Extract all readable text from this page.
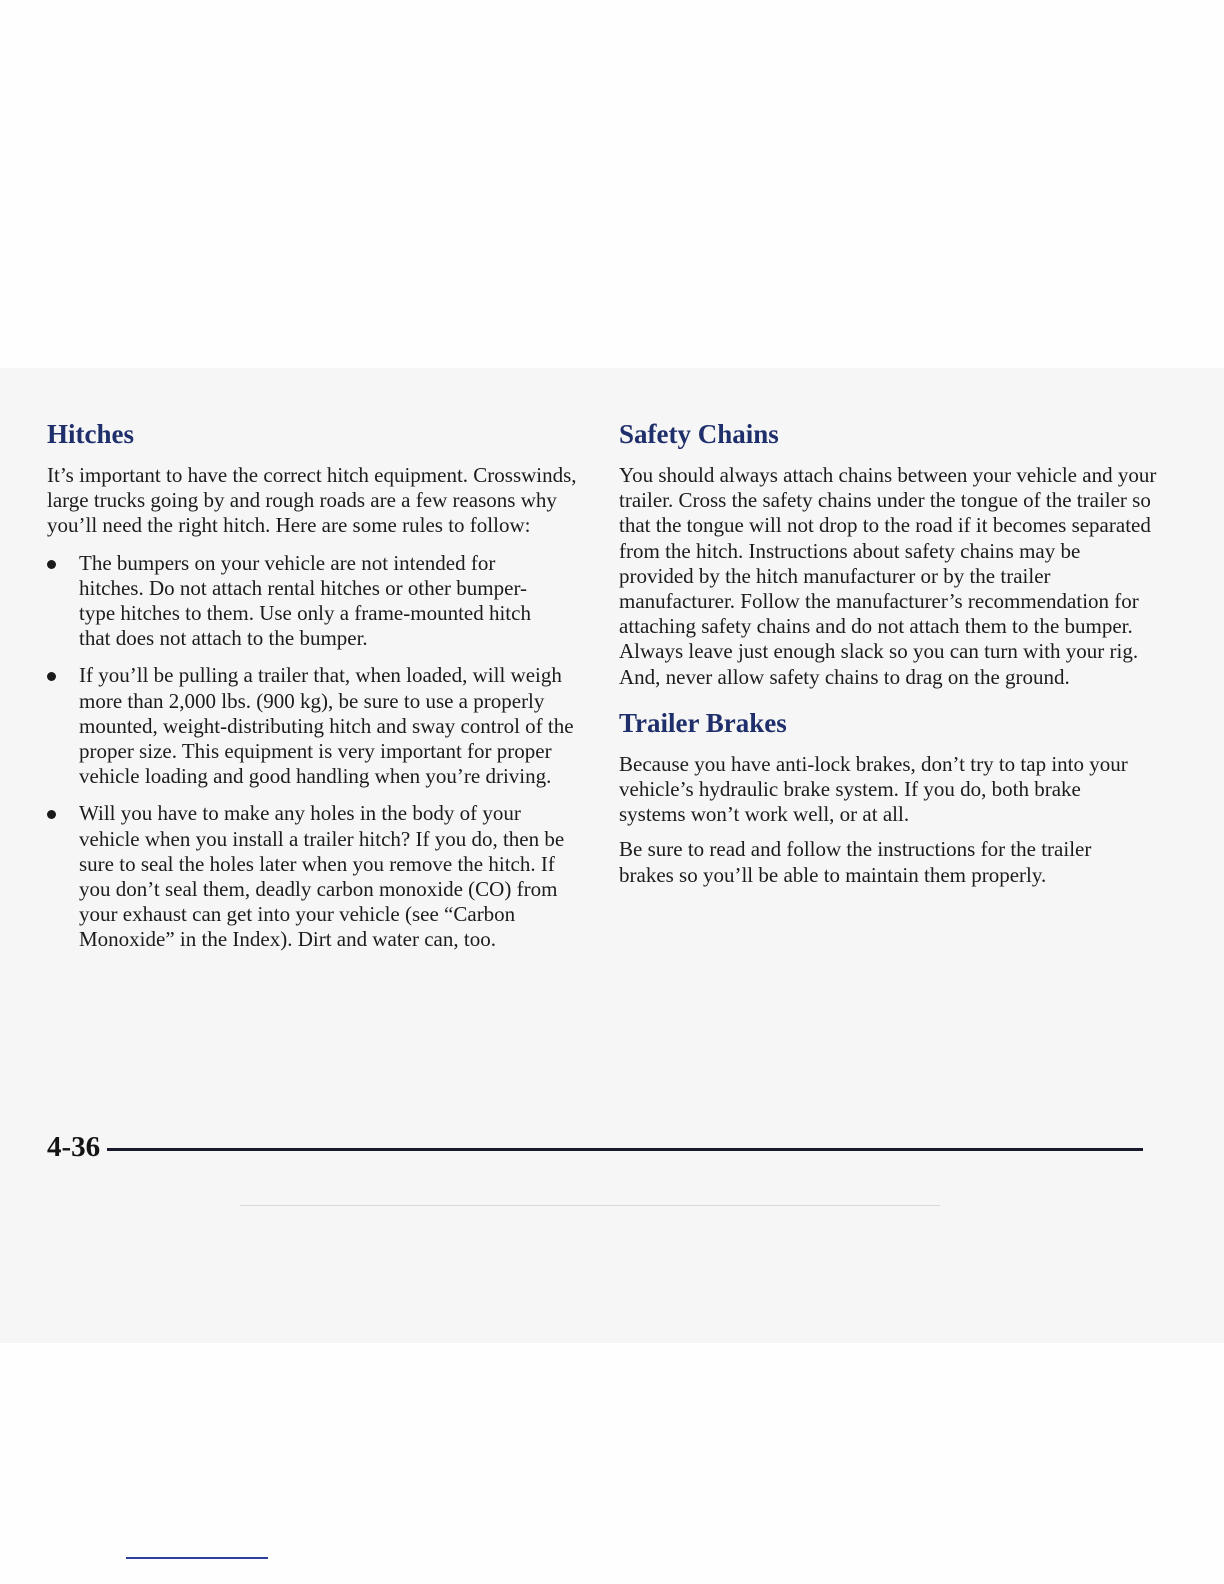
Hitches

It’s important to have the correct hitch equipment. Crosswinds, large trucks going by and rough roads are a few reasons why you’ll need the right hitch. Here are some rules to follow:

The bumpers on your vehicle are not intended for hitches. Do not attach rental hitches or other bumper-type hitches to them. Use only a frame-mounted hitch that does not attach to the bumper.
If you’ll be pulling a trailer that, when loaded, will weigh more than 2,000 lbs. (900 kg), be sure to use a properly mounted, weight-distributing hitch and sway control of the proper size. This equipment is very important for proper vehicle loading and good handling when you’re driving.
Will you have to make any holes in the body of your vehicle when you install a trailer hitch? If you do, then be sure to seal the holes later when you remove the hitch. If you don’t seal them, deadly carbon monoxide (CO) from your exhaust can get into your vehicle (see “Carbon Monoxide” in the Index). Dirt and water can, too.
Safety Chains

You should always attach chains between your vehicle and your trailer. Cross the safety chains under the tongue of the trailer so that the tongue will not drop to the road if it becomes separated from the hitch. Instructions about safety chains may be provided by the hitch manufacturer or by the trailer manufacturer. Follow the manufacturer’s recommendation for attaching safety chains and do not attach them to the bumper. Always leave just enough slack so you can turn with your rig. And, never allow safety chains to drag on the ground.

Trailer Brakes

Because you have anti-lock brakes, don’t try to tap into your vehicle’s hydraulic brake system. If you do, both brake systems won’t work well, or at all.

Be sure to read and follow the instructions for the trailer brakes so you’ll be able to maintain them properly.

4-36
